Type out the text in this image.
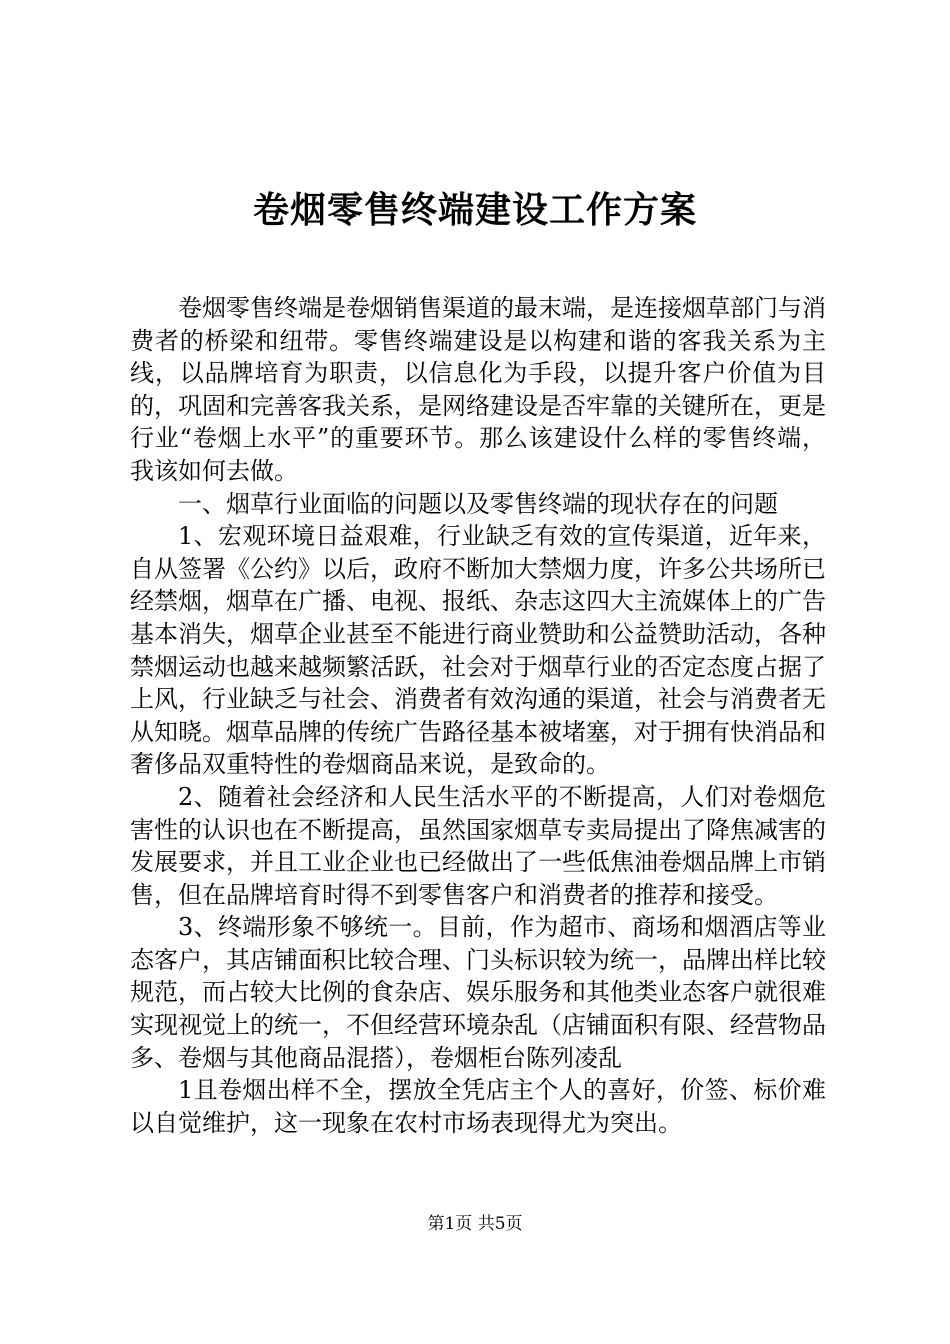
卷烟零售终端建设工作方案

卷烟零售终端是卷烟销售渠道的最末端，是连接烟草部门与消费者的桥梁和纽带。零售终端建设是以构建和谐的客我关系为主线，以品牌培育为职责，以信息化为手段，以提升客户价值为目的，巩固和完善客我关系，是网络建设是否牢靠的关键所在，更是行业“卷烟上水平”的重要环节。那么该建设什么样的零售终端，我该如何去做。

一、烟草行业面临的问题以及零售终端的现状存在的问题

1、宏观环境日益艰难，行业缺乏有效的宣传渠道，近年来，自从签署《公约》以后，政府不断加大禁烟力度，许多公共场所已经禁烟，烟草在广播、电视、报纸、杂志这四大主流媒体上的广告基本消失，烟草企业甚至不能进行商业赞助和公益赞助活动，各种禁烟运动也越来越频繁活跃，社会对于烟草行业的否定态度占据了上风，行业缺乏与社会、消费者有效沟通的渠道，社会与消费者无从知晓。烟草品牌的传统广告路径基本被堵塞，对于拥有快消品和奢侈品双重特性的卷烟商品来说，是致命的。

2、随着社会经济和人民生活水平的不断提高，人们对卷烟危害性的认识也在不断提高，虽然国家烟草专卖局提出了降焦减害的发展要求，并且工业企业也已经做出了一些低焦油卷烟品牌上市销售，但在品牌培育时得不到零售客户和消费者的推荐和接受。

3、终端形象不够统一。目前，作为超市、商场和烟酒店等业态客户，其店铺面积比较合理、门头标识较为统一，品牌出样比较规范，而占较大比例的食杂店、娱乐服务和其他类业态客户就很难实现视觉上的统一，不但经营环境杂乱（店铺面积有限、经营物品多、卷烟与其他商品混搭），卷烟柜台陈列凌乱

1且卷烟出样不全，摆放全凭店主个人的喜好，价签、标价难以自觉维护，这一现象在农村市场表现得尤为突出。

第1页 共5页
